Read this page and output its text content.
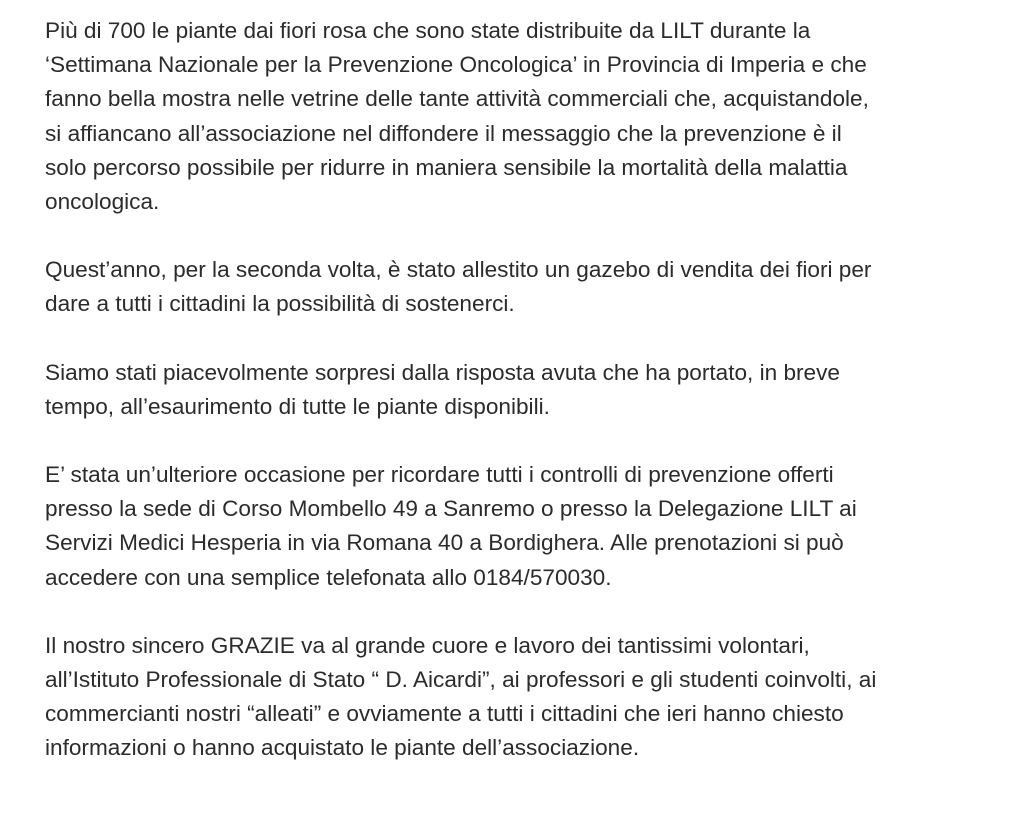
Più di 700 le piante dai fiori rosa che sono state distribuite da LILT durante la
‘Settimana Nazionale per la Prevenzione Oncologica’ in Provincia di Imperia e che
fanno bella mostra nelle vetrine delle tante attività commerciali che, acquistandole,
si affiancano all’associazione nel diffondere il messaggio che la prevenzione è il
solo percorso possibile per ridurre in maniera sensibile la mortalità della malattia
oncologica.

Quest’anno, per la seconda volta, è stato allestito un gazebo di vendita dei fiori per
dare a tutti i cittadini la possibilità di sostenerci.

Siamo stati piacevolmente sorpresi dalla risposta avuta che ha portato, in breve
tempo, all’esaurimento di tutte le piante disponibili.

E’ stata un’ulteriore occasione per ricordare tutti i controlli di prevenzione offerti
presso la sede di Corso Mombello 49 a Sanremo o presso la Delegazione LILT ai
Servizi Medici Hesperia in via Romana 40 a Bordighera. Alle prenotazioni si può
accedere con una semplice telefonata allo 0184/570030.

Il nostro sincero GRAZIE va al grande cuore e lavoro dei tantissimi volontari,
all’Istituto Professionale di Stato “ D. Aicardi”, ai professori e gli studenti coinvolti, ai
commercianti nostri “alleati” e ovviamente a tutti i cittadini che ieri hanno chiesto
informazioni o hanno acquistato le piante dell’associazione.
